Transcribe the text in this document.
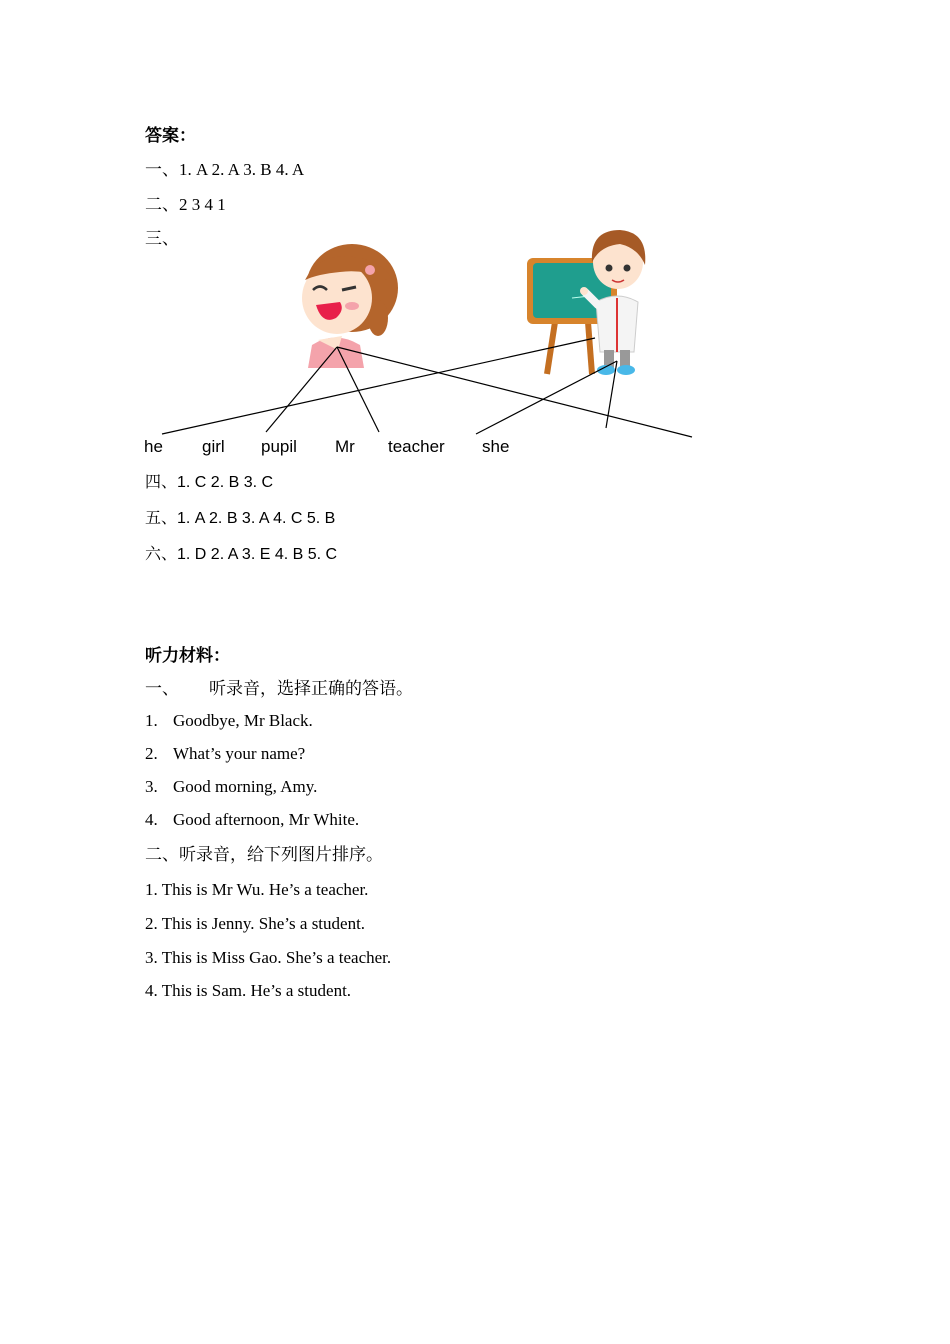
答案：
一、1. A 2. A 3. B 4. A
二、2 3 4 1
三、
he girl pupil Mr teacher she
四、1. C 2. B 3. C
五、1. A 2. B 3. A 4. C 5. B
六、1. D 2. A 3. E 4. B 5. C
听力材料：
一、 听录音，选择正确的答语。
1. Goodbye, Mr Black.
2. What’s your name?
3. Good morning, Amy.
4. Good afternoon, Mr White.
二、听录音，给下列图片排序。
1. This is Mr Wu. He’s a teacher.
2. This is Jenny. She’s a student.
3. This is Miss Gao. She’s a teacher.
4. This is Sam. He’s a student.
